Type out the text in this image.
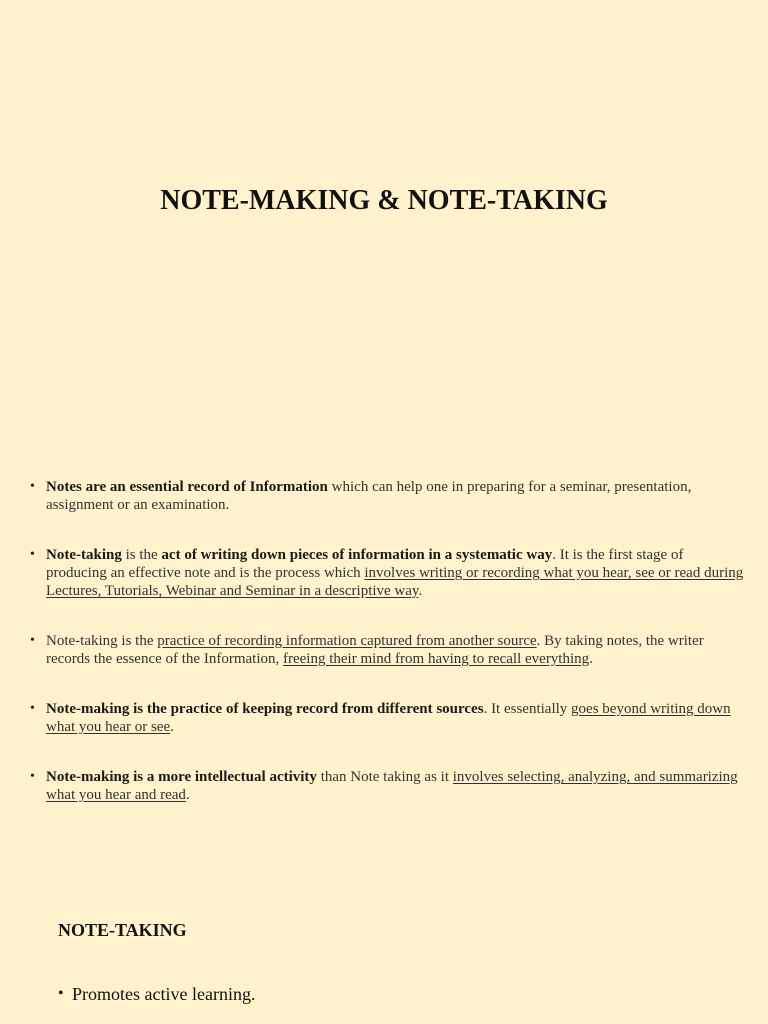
NOTE-MAKING & NOTE-TAKING
• Notes are an essential record of Information which can help one in preparing for a seminar, presentation, assignment or an examination.
• Note-taking is the act of writing down pieces of information in a systematic way. It is the first stage of producing an effective note and is the process which involves writing or recording what you hear, see or read during Lectures, Tutorials, Webinar and Seminar in a descriptive way.
• Note-taking is the practice of recording information captured from another source. By taking notes, the writer records the essence of the Information, freeing their mind from having to recall everything.
• Note-making is the practice of keeping record from different sources. It essentially goes beyond writing down what you hear or see.
• Note-making is a more intellectual activity than Note taking as it involves selecting, analyzing, and summarizing what you hear and read.
NOTE-TAKING
• Promotes active learning.
